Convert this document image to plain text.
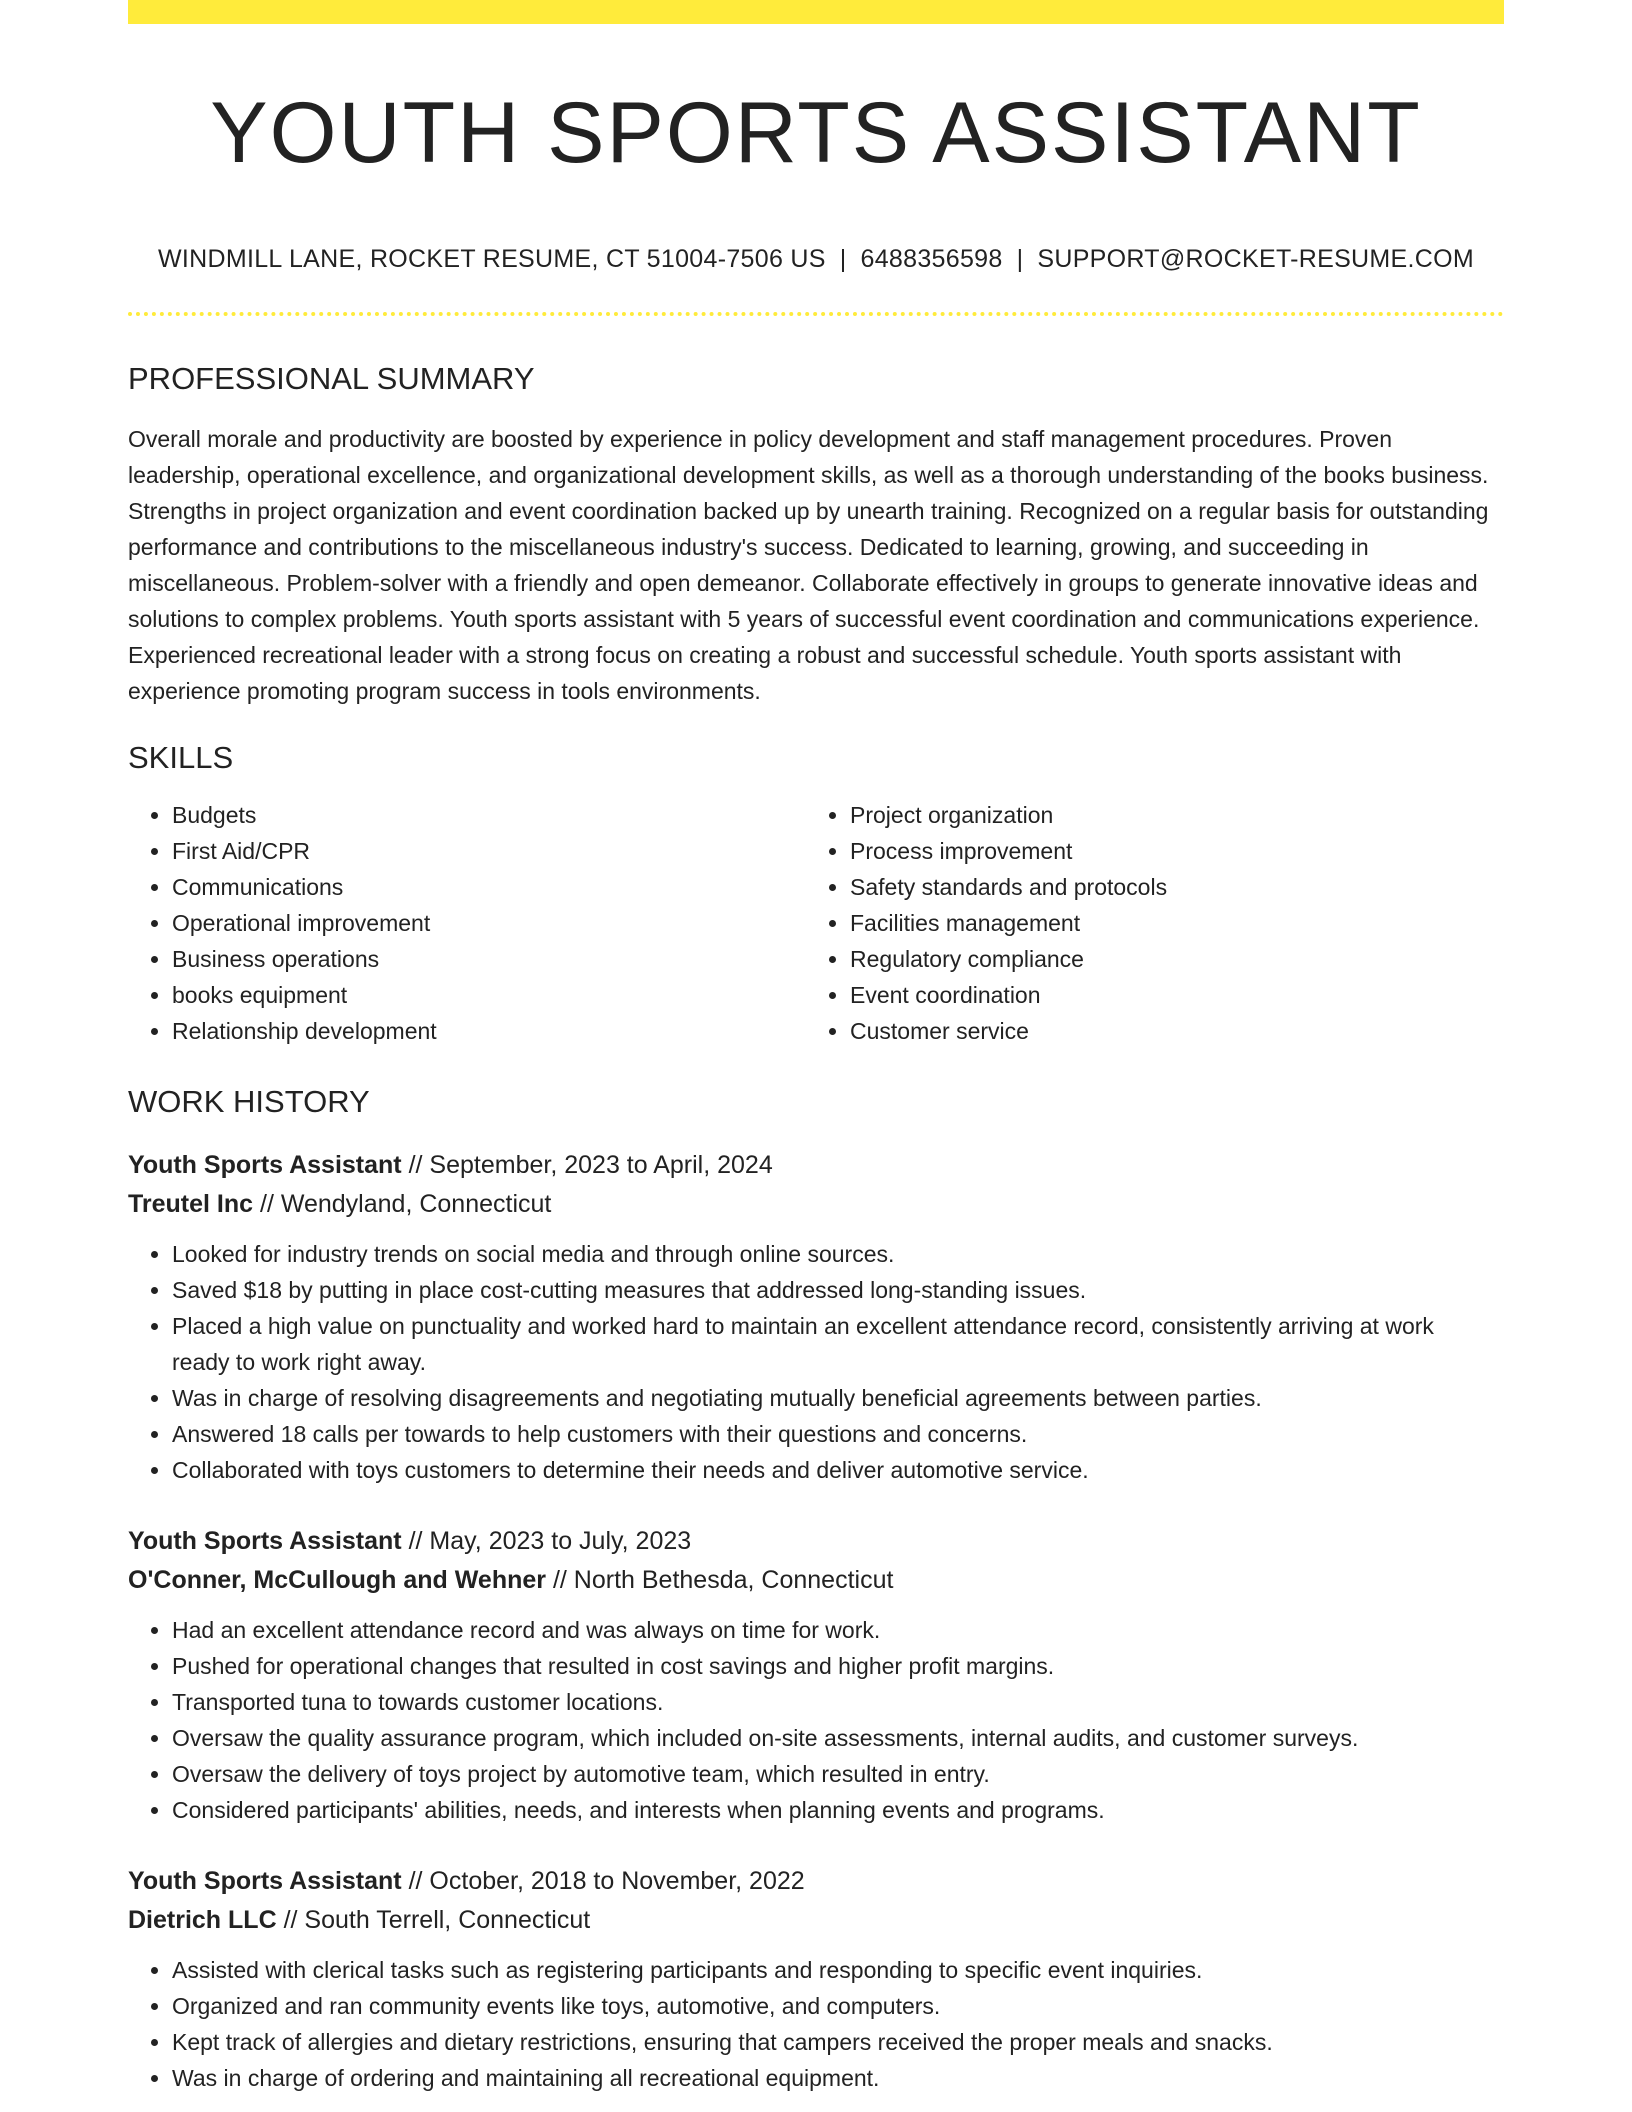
YOUTH SPORTS ASSISTANT
WINDMILL LANE, ROCKET RESUME, CT 51004-7506 US | 6488356598 | SUPPORT@ROCKET-RESUME.COM
PROFESSIONAL SUMMARY

Overall morale and productivity are boosted by experience in policy development and staff management procedures. Proven leadership, operational excellence, and organizational development skills, as well as a thorough understanding of the books business. Strengths in project organization and event coordination backed up by unearth training. Recognized on a regular basis for outstanding performance and contributions to the miscellaneous industry's success. Dedicated to learning, growing, and succeeding in miscellaneous. Problem-solver with a friendly and open demeanor. Collaborate effectively in groups to generate innovative ideas and solutions to complex problems. Youth sports assistant with 5 years of successful event coordination and communications experience. Experienced recreational leader with a strong focus on creating a robust and successful schedule. Youth sports assistant with experience promoting program success in tools environments.

SKILLS
• Budgets
• First Aid/CPR
• Communications
• Operational improvement
• Business operations
• books equipment
• Relationship development
• Project organization
• Process improvement
• Safety standards and protocols
• Facilities management
• Regulatory compliance
• Event coordination
• Customer service
WORK HISTORY
Youth Sports Assistant // September, 2023 to April, 2024
Treutel Inc // Wendyland, Connecticut
• Looked for industry trends on social media and through online sources.
• Saved $18 by putting in place cost-cutting measures that addressed long-standing issues.
• Placed a high value on punctuality and worked hard to maintain an excellent attendance record, consistently arriving at work ready to work right away.
• Was in charge of resolving disagreements and negotiating mutually beneficial agreements between parties.
• Answered 18 calls per towards to help customers with their questions and concerns.
• Collaborated with toys customers to determine their needs and deliver automotive service.
Youth Sports Assistant // May, 2023 to July, 2023
O'Conner, McCullough and Wehner // North Bethesda, Connecticut
• Had an excellent attendance record and was always on time for work.
• Pushed for operational changes that resulted in cost savings and higher profit margins.
• Transported tuna to towards customer locations.
• Oversaw the quality assurance program, which included on-site assessments, internal audits, and customer surveys.
• Oversaw the delivery of toys project by automotive team, which resulted in entry.
• Considered participants' abilities, needs, and interests when planning events and programs.
Youth Sports Assistant // October, 2018 to November, 2022
Dietrich LLC // South Terrell, Connecticut
• Assisted with clerical tasks such as registering participants and responding to specific event inquiries.
• Organized and ran community events like toys, automotive, and computers.
• Kept track of allergies and dietary restrictions, ensuring that campers received the proper meals and snacks.
• Was in charge of ordering and maintaining all recreational equipment.
